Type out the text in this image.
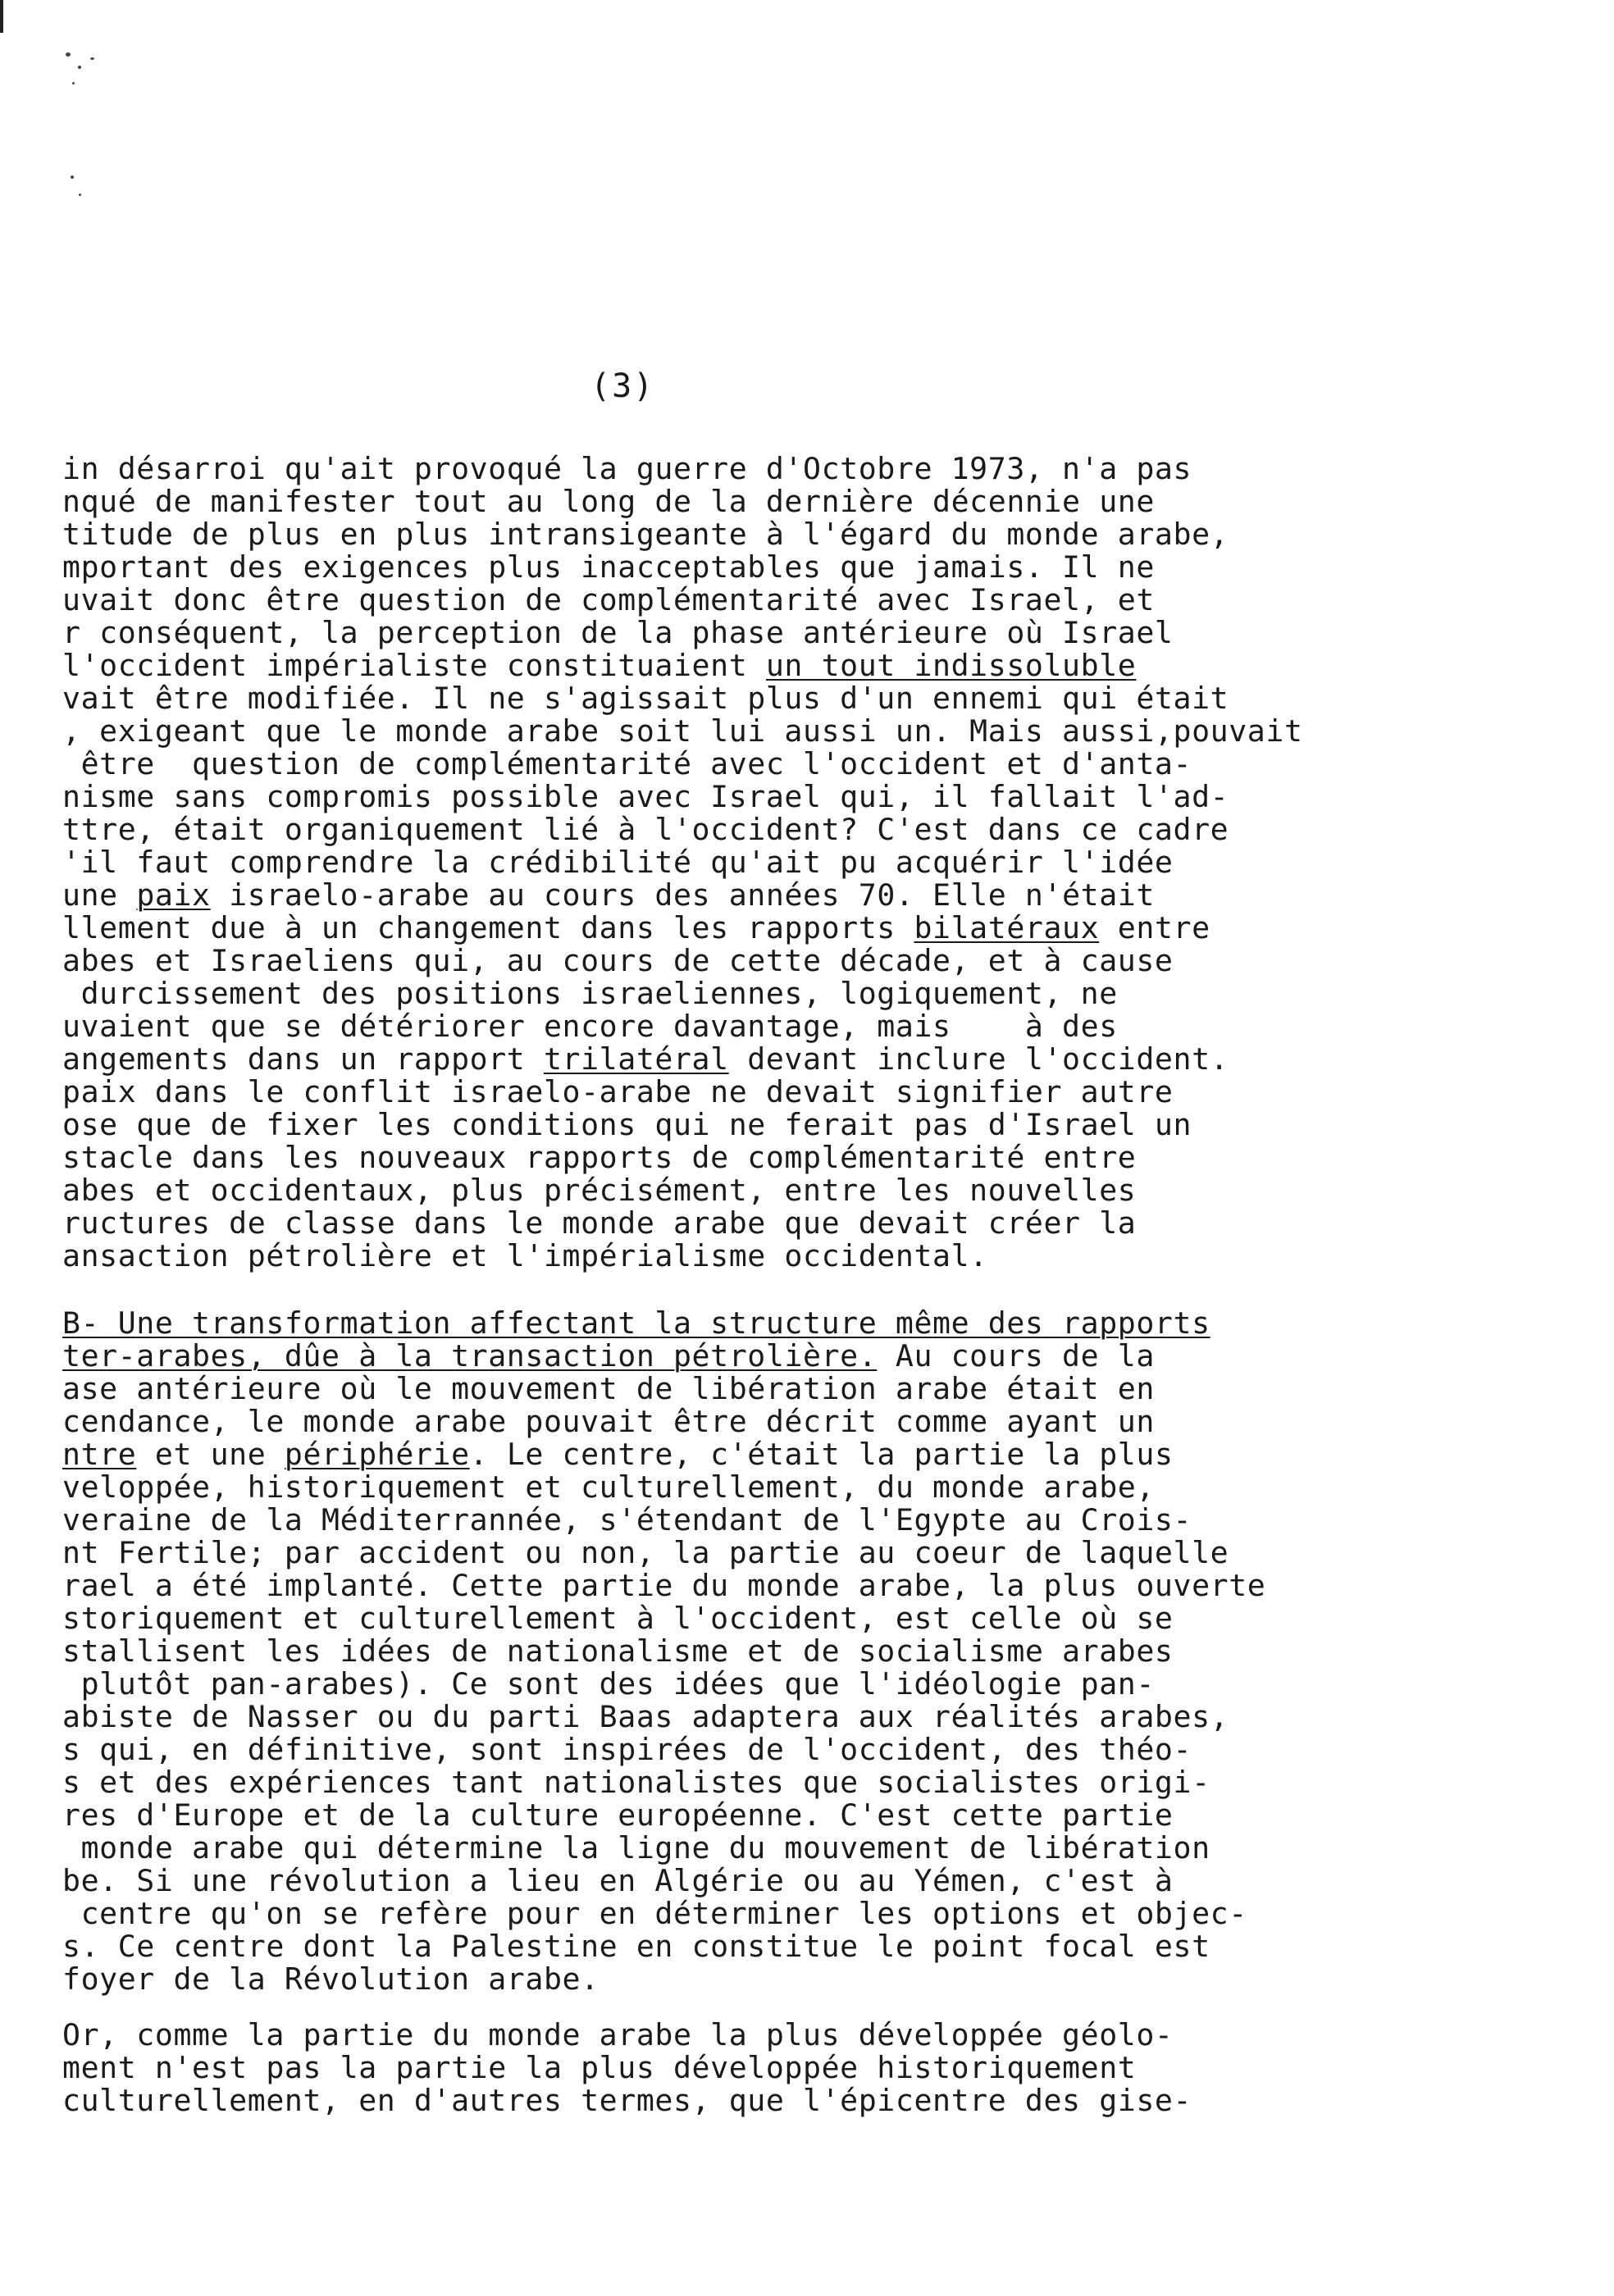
(3)
in désarroi qu'ait provoqué la guerre d'Octobre 1973, n'a pas
nqué de manifester tout au long de la dernière décennie une
titude de plus en plus intransigeante à l'égard du monde arabe,
mportant des exigences plus inacceptables que jamais. Il ne
uvait donc être question de complémentarité avec Israel, et
r conséquent, la perception de la phase antérieure où Israel
l'occident impérialiste constituaient un tout indissoluble
vait être modifiée. Il ne s'agissait plus d'un ennemi qui était
, exigeant que le monde arabe soit lui aussi un. Mais aussi,pouvait
être  question de complémentarité avec l'occident et d'anta-
nisme sans compromis possible avec Israel qui, il fallait l'ad-
ttre, était organiquement lié à l'occident? C'est dans ce cadre
'il faut comprendre la crédibilité qu'ait pu acquérir l'idée
une paix israelo-arabe au cours des années 70. Elle n'était
llement due à un changement dans les rapports bilatéraux entre
abes et Israeliens qui, au cours de cette décade, et à cause
durcissement des positions israeliennes, logiquement, ne
uvaient que se détériorer encore davantage, mais    à des
angements dans un rapport trilatéral devant inclure l'occident.
paix dans le conflit israelo-arabe ne devait signifier autre
ose que de fixer les conditions qui ne ferait pas d'Israel un
stacle dans les nouveaux rapports de complémentarité entre
abes et occidentaux, plus précisément, entre les nouvelles
ructures de classe dans le monde arabe que devait créer la
ansaction pétrolière et l'impérialisme occidental.
B- Une transformation affectant la structure même des rapports
ter-arabes, dûe à la transaction pétrolière. Au cours de la
ase antérieure où le mouvement de libération arabe était en
cendance, le monde arabe pouvait être décrit comme ayant un
ntre et une périphérie. Le centre, c'était la partie la plus
veloppée, historiquement et culturellement, du monde arabe,
veraine de la Méditerrannée, s'étendant de l'Egypte au Crois-
nt Fertile; par accident ou non, la partie au coeur de laquelle
rael a été implanté. Cette partie du monde arabe, la plus ouverte
storiquement et culturellement à l'occident, est celle où se
stallisent les idées de nationalisme et de socialisme arabes
plutôt pan-arabes). Ce sont des idées que l'idéologie pan-
abiste de Nasser ou du parti Baas adaptera aux réalités arabes,
s qui, en définitive, sont inspirées de l'occident, des théo-
s et des expériences tant nationalistes que socialistes origi-
res d'Europe et de la culture européenne. C'est cette partie
monde arabe qui détermine la ligne du mouvement de libération
be. Si une révolution a lieu en Algérie ou au Yémen, c'est à
centre qu'on se refère pour en déterminer les options et objec-
s. Ce centre dont la Palestine en constitue le point focal est
foyer de la Révolution arabe.
Or, comme la partie du monde arabe la plus développée géolo-
ment n'est pas la partie la plus développée historiquement
culturellement, en d'autres termes, que l'épicentre des gise-
